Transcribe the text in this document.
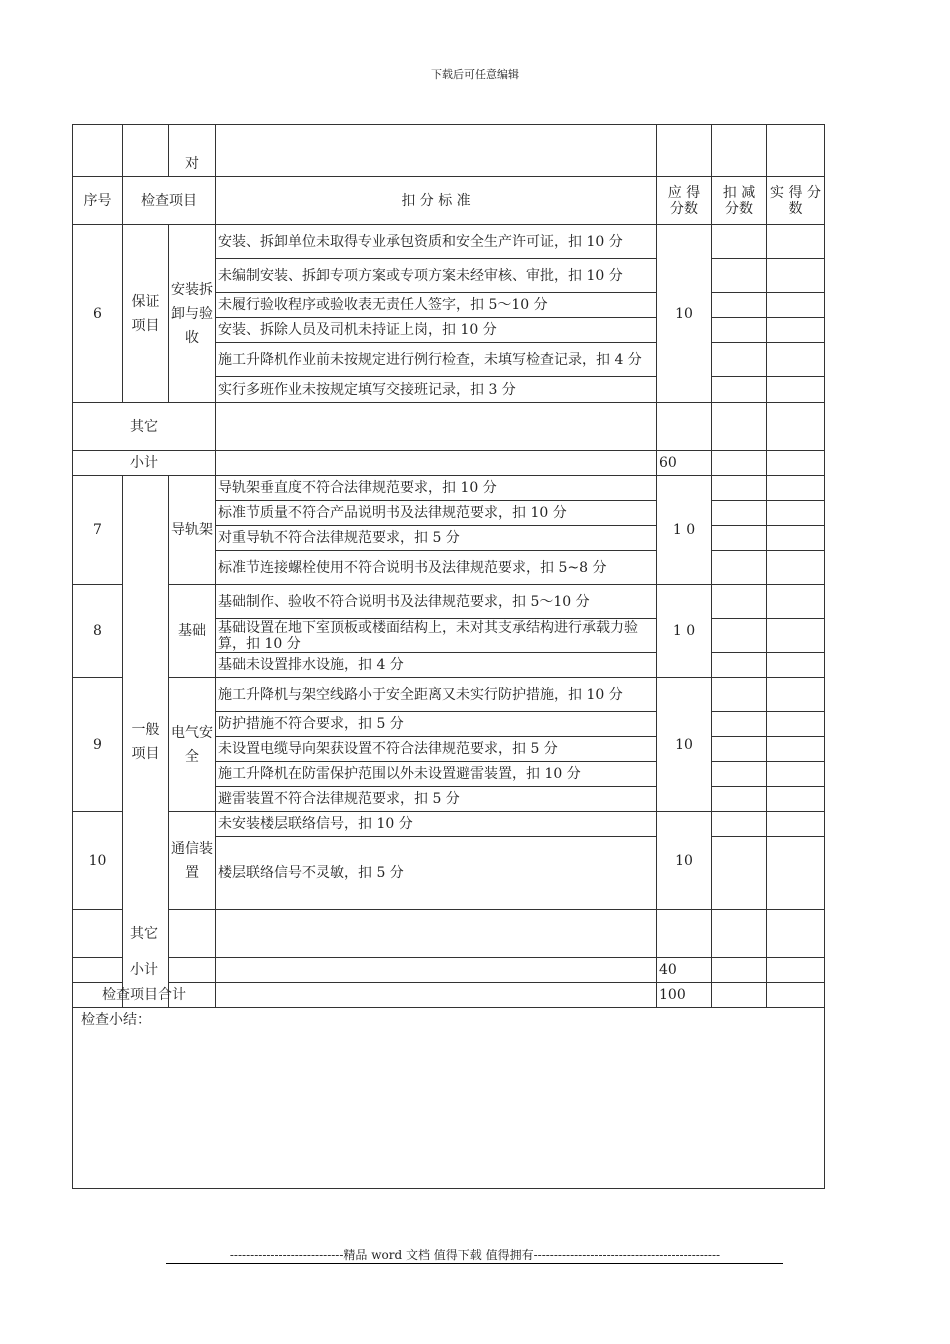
下载后可任意编辑
		对				
序号	检查项目		扣 分 标 准	应 得 分数	扣 减 分数	实 得 分数
6	保证项目	安装拆卸与验收	安装、拆卸单位未取得专业承包资质和安全生产许可证，扣 10 分	10		
			未编制安装、拆卸专项方案或专项方案未经审核、审批，扣 10 分			
			未履行验收程序或验收表无责任人签字，扣 5～10 分			
			安装、拆除人员及司机未持证上岗，扣 10 分			
			施工升降机作业前未按规定进行例行检查，未填写检查记录，扣 4 分			
			实行多班作业未按规定填写交接班记录，扣 3 分			
其它						
小计				60		
7	一般项目	导轨架	导轨架垂直度不符合法律规范要求，扣 10 分	1 0		
			标准节质量不符合产品说明书及法律规范要求，扣 10 分			
			对重导轨不符合法律规范要求，扣 5 分			
			标准节连接螺栓使用不符合说明书及法律规范要求，扣 5~8 分			
8		基础	基础制作、验收不符合说明书及法律规范要求，扣 5～10 分	1 0		
			基础设置在地下室顶板或楼面结构上，未对其支承结构进行承载力验算，扣 10 分			
			基础未设置排水设施，扣 4 分			
9		电气安全	施工升降机与架空线路小于安全距离又未实行防护措施，扣 10 分	10		
			防护措施不符合要求，扣 5 分			
			未设置电缆导向架获设置不符合法律规范要求，扣 5 分			
			施工升降机在防雷保护范围以外未设置避雷装置，扣 10 分			
			避雷装置不符合法律规范要求，扣 5 分			
10		通信装置	未安装楼层联络信号，扣 10 分	10		
			楼层联络信号不灵敏，扣 5 分			
其它						
小计				40		
检查项目合计				100		
检查小结：						
----------------------------精品 word 文档 值得下载 值得拥有----------------------------------------------
